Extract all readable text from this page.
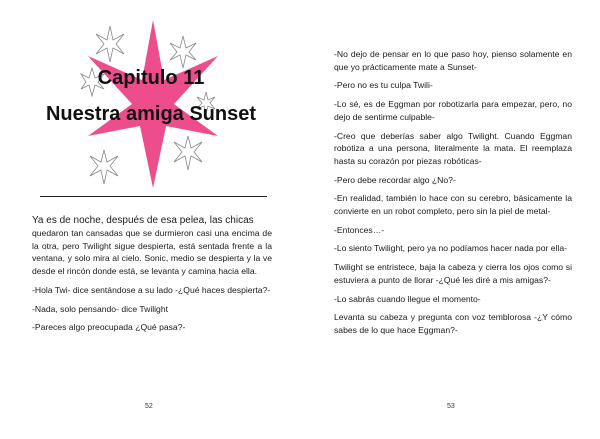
Capitulo 11
Nuestra amiga Sunset

Ya es de noche, después de esa pelea, las chicas

quedaron tan cansadas que se durmieron casi una encima de la otra, pero Twilight sigue despierta, está sentada frente a la ventana, y solo mira al cielo. Sonic, medio se despierta y la ve desde el rincón donde está, se levanta y camina hacia ella.

-Hola Twi- dice sentándose a su lado -¿Qué haces despierta?-

-Nada, solo pensando- dice Twilight

-Pareces algo preocupada ¿Qué pasa?-

52

-No dejo de pensar en lo que paso hoy, pienso solamente en que yo prácticamente mate a Sunset-

-Pero no es tu culpa Twili-

-Lo sé, es de Eggman por robotizarla para empezar, pero, no dejo de sentirme culpable-

-Creo que deberías saber algo Twilight. Cuando Eggman robotiza a una persona, literalmente la mata. El reemplaza hasta su corazón por piezas robóticas-

-Pero debe recordar algo ¿No?-

-En realidad, también lo hace con su cerebro, básicamente la convierte en un robot completo, pero sin la piel de metal-

-Entonces…-

-Lo siento Twilight, pero ya no podíamos hacer nada por ella-

Twilight se entristece, baja la cabeza y cierra los ojos como si estuviera a punto de llorar -¿Qué les diré a mis amigas?-

-Lo sabrás cuando llegue el momento-

Levanta su cabeza y pregunta con voz temblorosa -¿Y cómo sabes de lo que hace Eggman?-

53
